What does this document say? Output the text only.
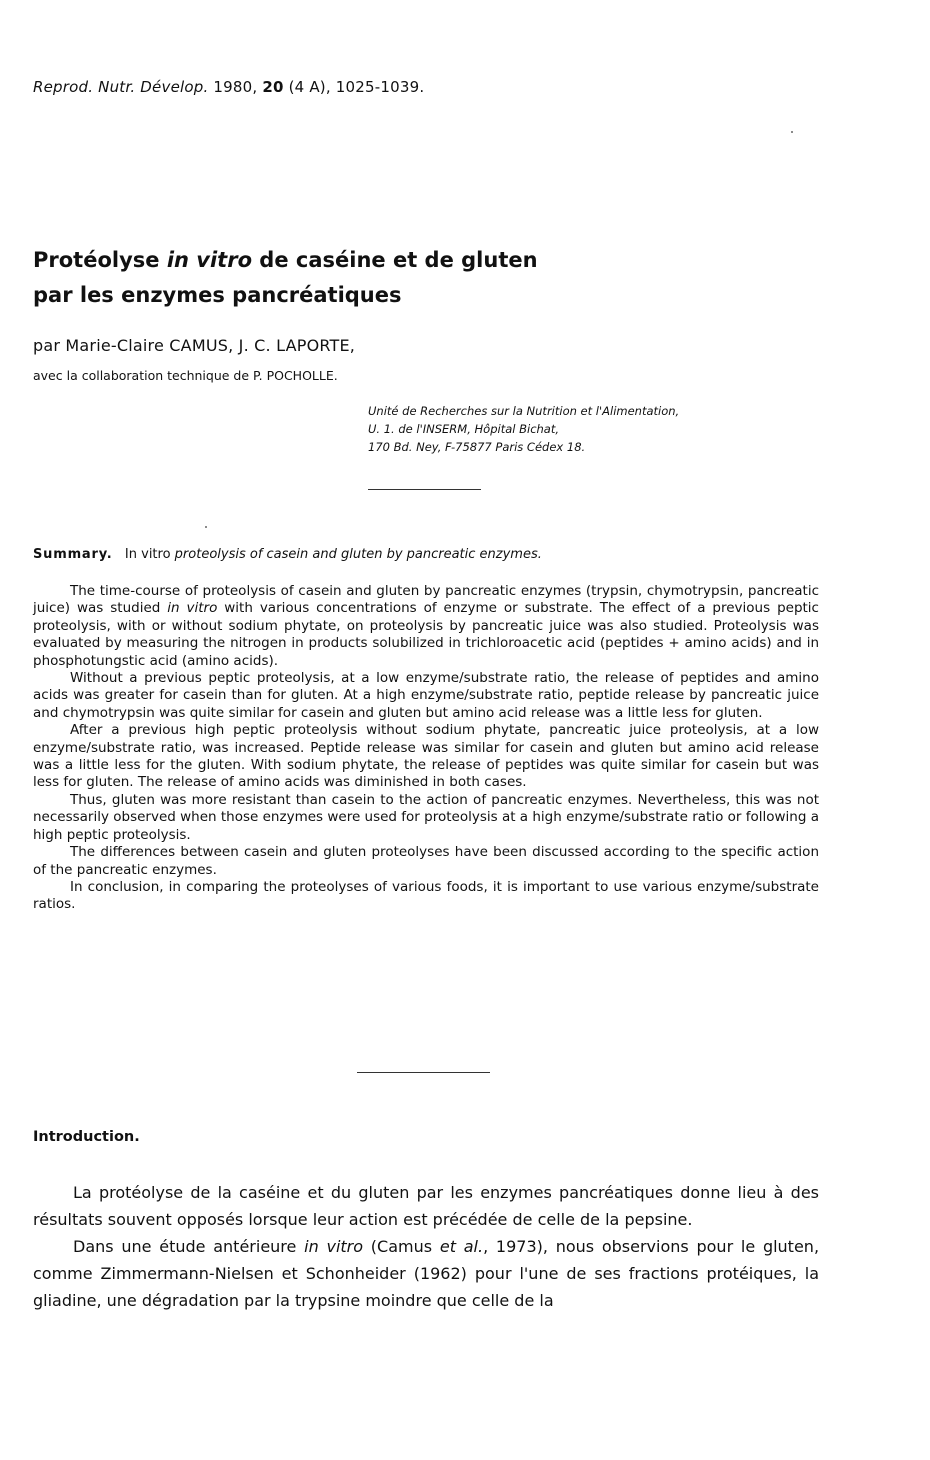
Reprod. Nutr. Dévelop. 1980, 20 (4 A), 1025-1039.
Protéolyse in vitro de caséine et de gluten
par les enzymes pancréatiques
par Marie-Claire CAMUS, J. C. LAPORTE,
avec la collaboration technique de P. POCHOLLE.
Unité de Recherches sur la Nutrition et l'Alimentation,
U. 1. de l'INSERM, Hôpital Bichat,
170 Bd. Ney, F-75877 Paris Cédex 18.
Summary. In vitro proteolysis of casein and gluten by pancreatic enzymes.

The time-course of proteolysis of casein and gluten by pancreatic enzymes (trypsin, chymotrypsin, pancreatic juice) was studied in vitro with various concentrations of enzyme or substrate. The effect of a previous peptic proteolysis, with or without sodium phytate, on proteolysis by pancreatic juice was also studied. Proteolysis was evaluated by measuring the nitrogen in products solubilized in trichloroacetic acid (peptides + amino acids) and in phosphotungstic acid (amino acids).

Without a previous peptic proteolysis, at a low enzyme/substrate ratio, the release of peptides and amino acids was greater for casein than for gluten. At a high enzyme/substrate ratio, peptide release by pancreatic juice and chymotrypsin was quite similar for casein and gluten but amino acid release was a little less for gluten.

After a previous high peptic proteolysis without sodium phytate, pancreatic juice proteolysis, at a low enzyme/substrate ratio, was increased. Peptide release was similar for casein and gluten but amino acid release was a little less for the gluten. With sodium phytate, the release of peptides was quite similar for casein but was less for gluten. The release of amino acids was diminished in both cases.

Thus, gluten was more resistant than casein to the action of pancreatic enzymes. Nevertheless, this was not necessarily observed when those enzymes were used for proteolysis at a high enzyme/substrate ratio or following a high peptic proteolysis.

The differences between casein and gluten proteolyses have been discussed according to the specific action of the pancreatic enzymes.

In conclusion, in comparing the proteolyses of various foods, it is important to use various enzyme/substrate ratios.

Introduction.

La protéolyse de la caséine et du gluten par les enzymes pancréatiques donne lieu à des résultats souvent opposés lorsque leur action est précédée de celle de la pepsine.

Dans une étude antérieure in vitro (Camus et al., 1973), nous observions pour le gluten, comme Zimmermann-Nielsen et Schonheider (1962) pour l'une de ses fractions protéiques, la gliadine, une dégradation par la trypsine moindre que celle de la
